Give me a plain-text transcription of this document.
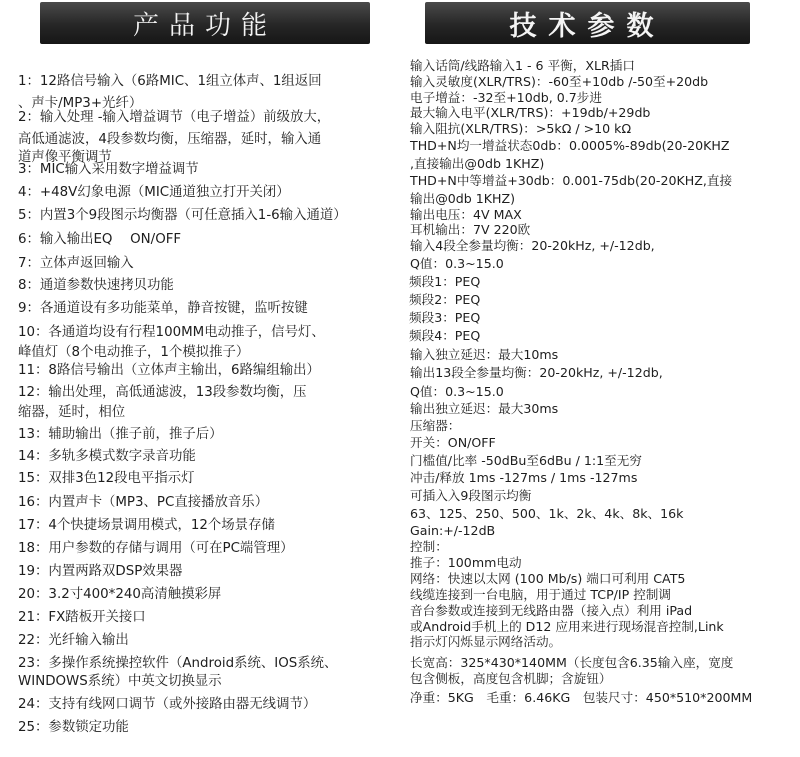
产品功能	技术参数
1：12路信号输入（6路MIC、1组立体声、1组返回
、声卡/MP3+光纤）
2：输入处理 -输入增益调节（电子增益）前级放大，
高低通滤波，4段参数均衡，压缩器，延时，输入通
道声像平衡调节
3：MIC输入采用数字增益调节
4：+48V幻象电源（MIC通道独立打开关闭）
5：内置3个9段图示均衡器（可任意插入1-6输入通道）
6：输入输出EQ　 ON/OFF
7：立体声返回输入
8：通道参数快速拷贝功能
9：各通道设有多功能菜单，静音按键，监听按键
10：各通道均设有行程100MM电动推子，信号灯、
峰值灯（8个电动推子，1个模拟推子）
11：8路信号输出（立体声主输出，6路编组输出）
12：输出处理，高低通滤波，13段参数均衡，压
缩器，延时，相位
13：辅助输出（推子前，推子后）
14：多轨多模式数字录音功能
15：双排3色12段电平指示灯
16：内置声卡（MP3、PC直接播放音乐）
17：4个快捷场景调用模式，12个场景存储
18：用户参数的存储与调用（可在PC端管理）
19：内置两路双DSP效果器
20：3.2寸400*240高清触摸彩屏
21：FX踏板开关接口
22：光纤输入输出
23：多操作系统操控软件（Android系统、IOS系统、
WINDOWS系统）中英文切换显示
24：支持有线网口调节（或外接路由器无线调节）
25：参数锁定功能
输入话筒/线路输入1 - 6 平衡，XLR插口
输入灵敏度(XLR/TRS)：-60至+10db /-50至+20db
电子增益：-32至+10db, 0.7步进
最大输入电平(XLR/TRS)：+19db/+29db
输入阻抗(XLR/TRS)：>5kΩ / >10 kΩ
THD+N均一增益状态0db：0.0005%-89db(20-20KHZ
,直接输出@0db 1KHZ)
THD+N中等增益+30db：0.001-75db(20-20KHZ,直接
输出@0db 1KHZ)
输出电压：4V MAX
耳机输出：7V 220欧
输入4段全参量均衡：20-20kHz, +/-12db,
Q值：0.3~15.0
频段1：PEQ
频段2：PEQ
频段3：PEQ
频段4：PEQ
输入独立延迟：最大10ms
输出13段全参量均衡：20-20kHz, +/-12db,
Q值：0.3~15.0
输出独立延迟：最大30ms
压缩器：
开关：ON/OFF
门槛值/比率 -50dBu至6dBu / 1:1至无穷
冲击/释放 1ms -127ms / 1ms -127ms
可插入入9段图示均衡
63、125、250、500、1k、2k、4k、8k、16k
Gain:+/-12dB
控制：
推子：100mm电动
网络：快速以太网 (100 Mb/s) 端口可利用 CAT5
线缆连接到一台电脑，用于通过 TCP/IP 控制调
音台参数或连接到无线路由器（接入点）利用 iPad
或Android手机上的 D12 应用来进行现场混音控制,Link
指示灯闪烁显示网络活动。
长宽高：325*430*140MM（长度包含6.35输入座，宽度
包含侧板，高度包含机脚；含旋钮）
净重：5KG　毛重：6.46KG　包装尺寸：450*510*200MM
